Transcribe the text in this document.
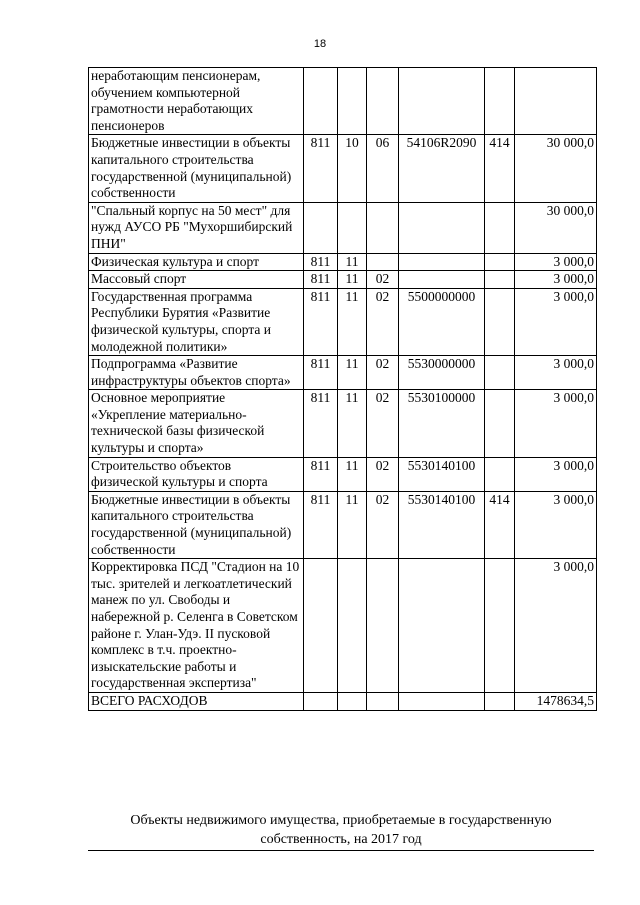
18
неработающим пенсионерам, обучением компьютерной грамотности неработающих пенсионеров						
Бюджетные инвестиции в объекты капитального строительства государственной (муниципальной) собственности	811	10	06	54106R2090	414	30 000,0
"Спальный корпус на 50 мест" для нужд АУСО РБ "Мухоршибирский ПНИ"						30 000,0
Физическая культура и спорт	811	11				3 000,0
Массовый спорт	811	11	02			3 000,0
Государственная программа Республики Бурятия «Развитие физической культуры, спорта и молодежной политики»	811	11	02	5500000000		3 000,0
Подпрограмма «Развитие инфраструктуры объектов спорта»	811	11	02	5530000000		3 000,0
Основное мероприятие «Укрепление материально-технической базы физической культуры и спорта»	811	11	02	5530100000		3 000,0
Строительство объектов физической культуры и спорта	811	11	02	5530140100		3 000,0
Бюджетные инвестиции в объекты капитального строительства государственной (муниципальной) собственности	811	11	02	5530140100	414	3 000,0
Корректировка ПСД "Стадион на 10 тыс. зрителей и легкоатлетический манеж по ул. Свободы и набережной р. Селенга в Советском районе г. Улан-Удэ. II пусковой комплекс в т.ч. проектно-изыскательские работы и государственная экспертиза"						3 000,0
ВСЕГО РАСХОДОВ						1478634,5
Объекты недвижимого имущества, приобретаемые в государственную собственность, на 2017 год
